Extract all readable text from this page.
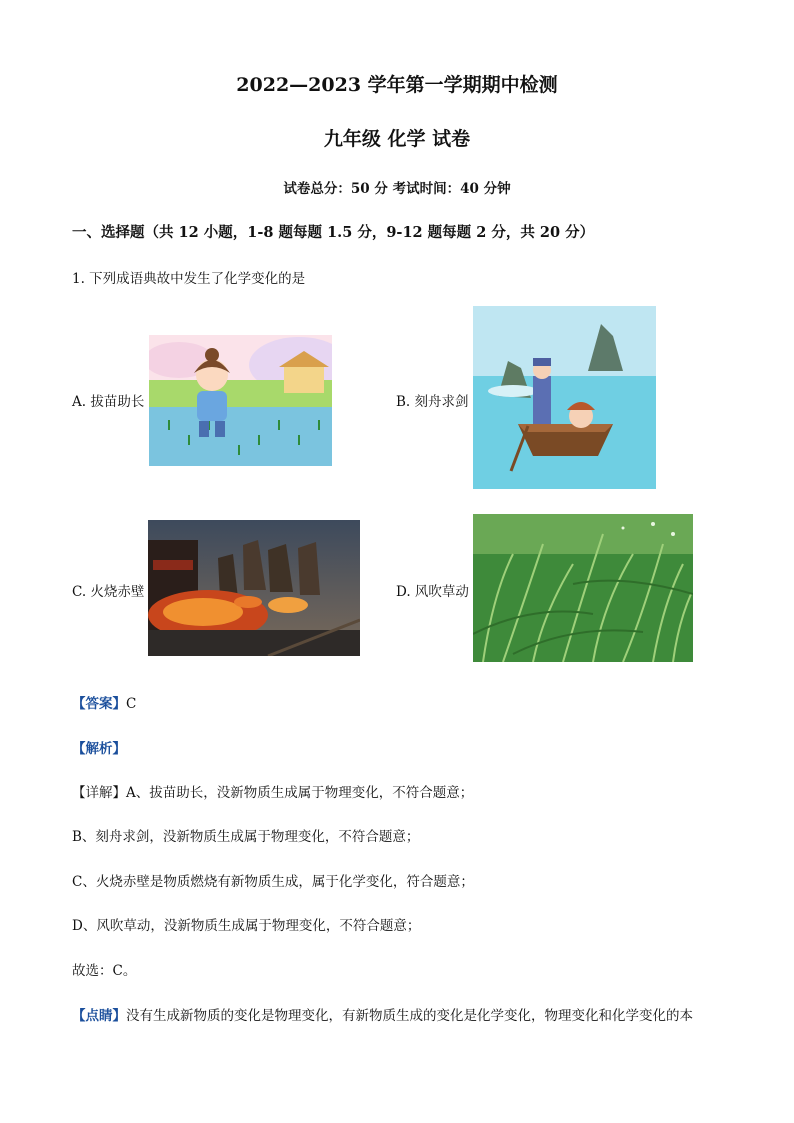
2022—2023 学年第一学期期中检测
九年级 化学 试卷
试卷总分：50 分 考试时间：40 分钟
一、选择题（共 12 小题，1-8 题每题 1.5 分，9-12 题每题 2 分，共 20 分）
1. 下列成语典故中发生了化学变化的是
A. 拔苗助长	B. 刻舟求剑
C. 火烧赤壁	D. 风吹草动
【答案】C
【解析】
【详解】A、拔苗助长，没新物质生成属于物理变化，不符合题意；
B、刻舟求剑，没新物质生成属于物理变化，不符合题意；
C、火烧赤壁是物质燃烧有新物质生成，属于化学变化，符合题意；
D、风吹草动，没新物质生成属于物理变化，不符合题意；
故选：C。
【点睛】没有生成新物质的变化是物理变化，有新物质生成的变化是化学变化，物理变化和化学变化的本
